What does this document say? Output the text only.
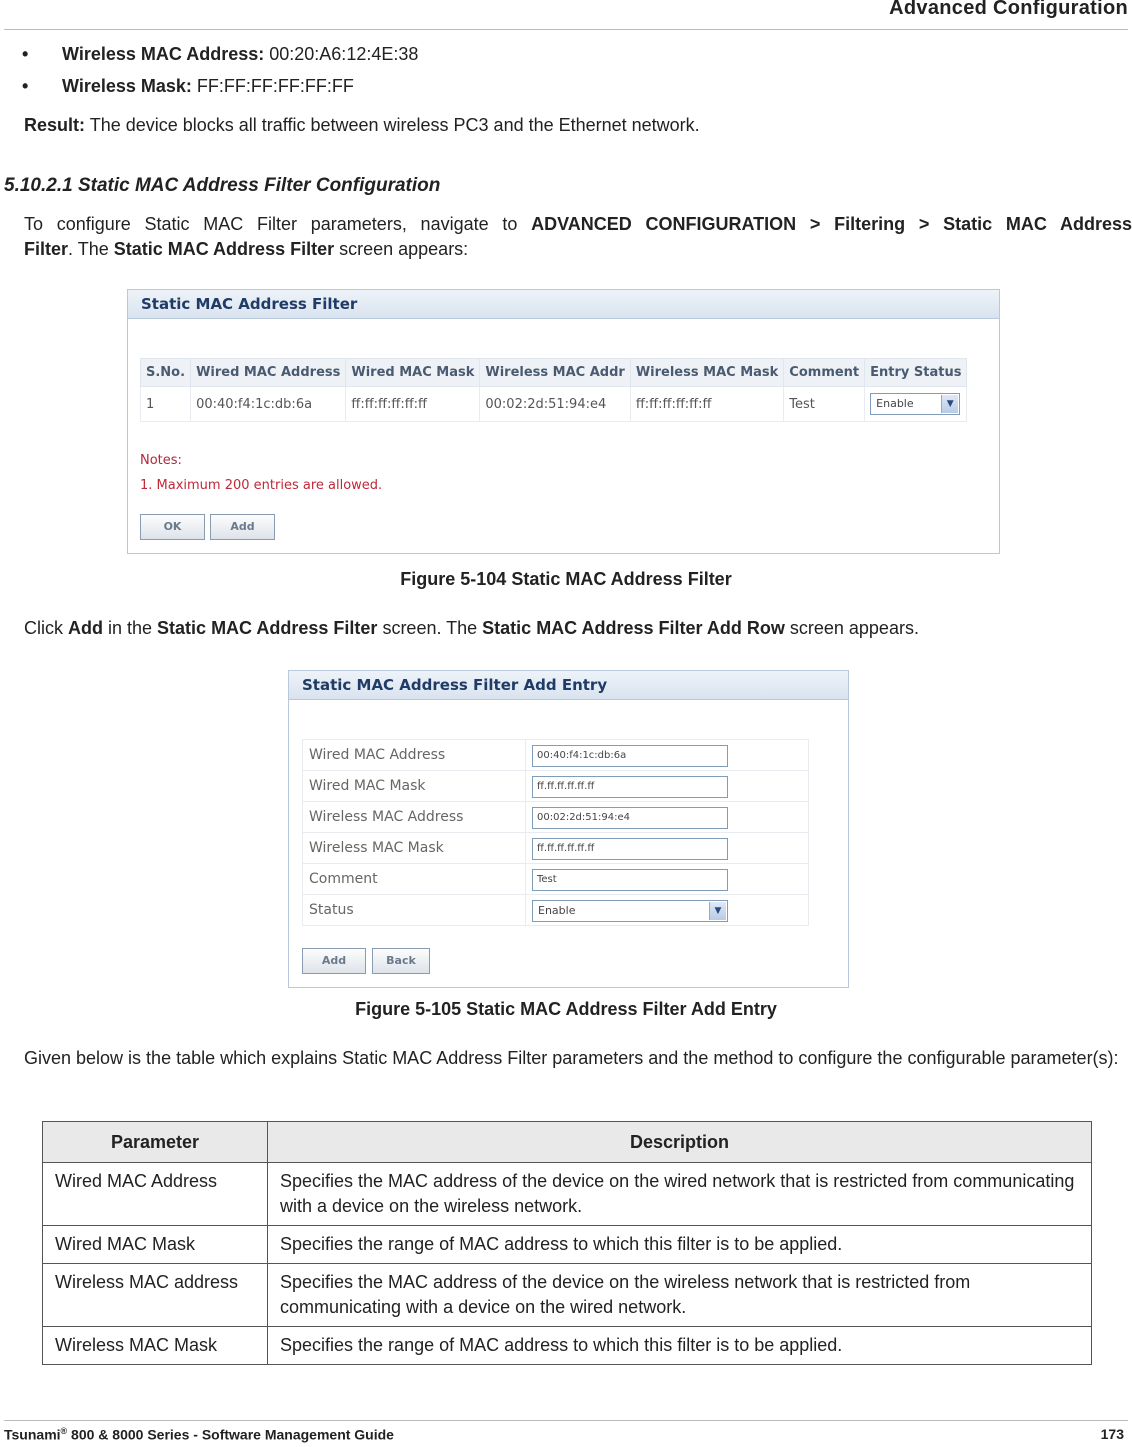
Advanced Configuration
• Wireless MAC Address: 00:20:A6:12:4E:38
• Wireless Mask: FF:FF:FF:FF:FF:FF
Result: The device blocks all traffic between wireless PC3 and the Ethernet network.
5.10.2.1 Static MAC Address Filter Configuration
To configure Static MAC Filter parameters, navigate to ADVANCED CONFIGURATION > Filtering > Static MAC Address
Filter. The Static MAC Address Filter screen appears:
Static MAC Address Filter
S.No.	Wired MAC Address	Wired MAC Mask	Wireless MAC Addr	Wireless MAC Mask	Comment	Entry Status
1	00:40:f4:1c:db:6a	ff:ff:ff:ff:ff:ff	00:02:2d:51:94:e4	ff:ff:ff:ff:ff:ff	Test	Enable ▼
Notes:
1. Maximum 200 entries are allowed.
OK	Add
Figure 5-104 Static MAC Address Filter
Click Add in the Static MAC Address Filter screen. The Static MAC Address Filter Add Row screen appears.
Static MAC Address Filter Add Entry
Wired MAC Address	00:40:f4:1c:db:6a
Wired MAC Mask	ff.ff.ff.ff.ff.ff
Wireless MAC Address	00:02:2d:51:94:e4
Wireless MAC Mask	ff.ff.ff.ff.ff.ff
Comment	Test
Status	Enable ▼
Add	Back
Figure 5-105 Static MAC Address Filter Add Entry
Given below is the table which explains Static MAC Address Filter parameters and the method to configure the configurable parameter(s):
Parameter	Description
Wired MAC Address	Specifies the MAC address of the device on the wired network that is restricted from communicating with a device on the wireless network.
Wired MAC Mask	Specifies the range of MAC address to which this filter is to be applied.
Wireless MAC address	Specifies the MAC address of the device on the wireless network that is restricted from communicating with a device on the wired network.
Wireless MAC Mask	Specifies the range of MAC address to which this filter is to be applied.
Tsunami® 800 & 8000 Series - Software Management Guide	173
